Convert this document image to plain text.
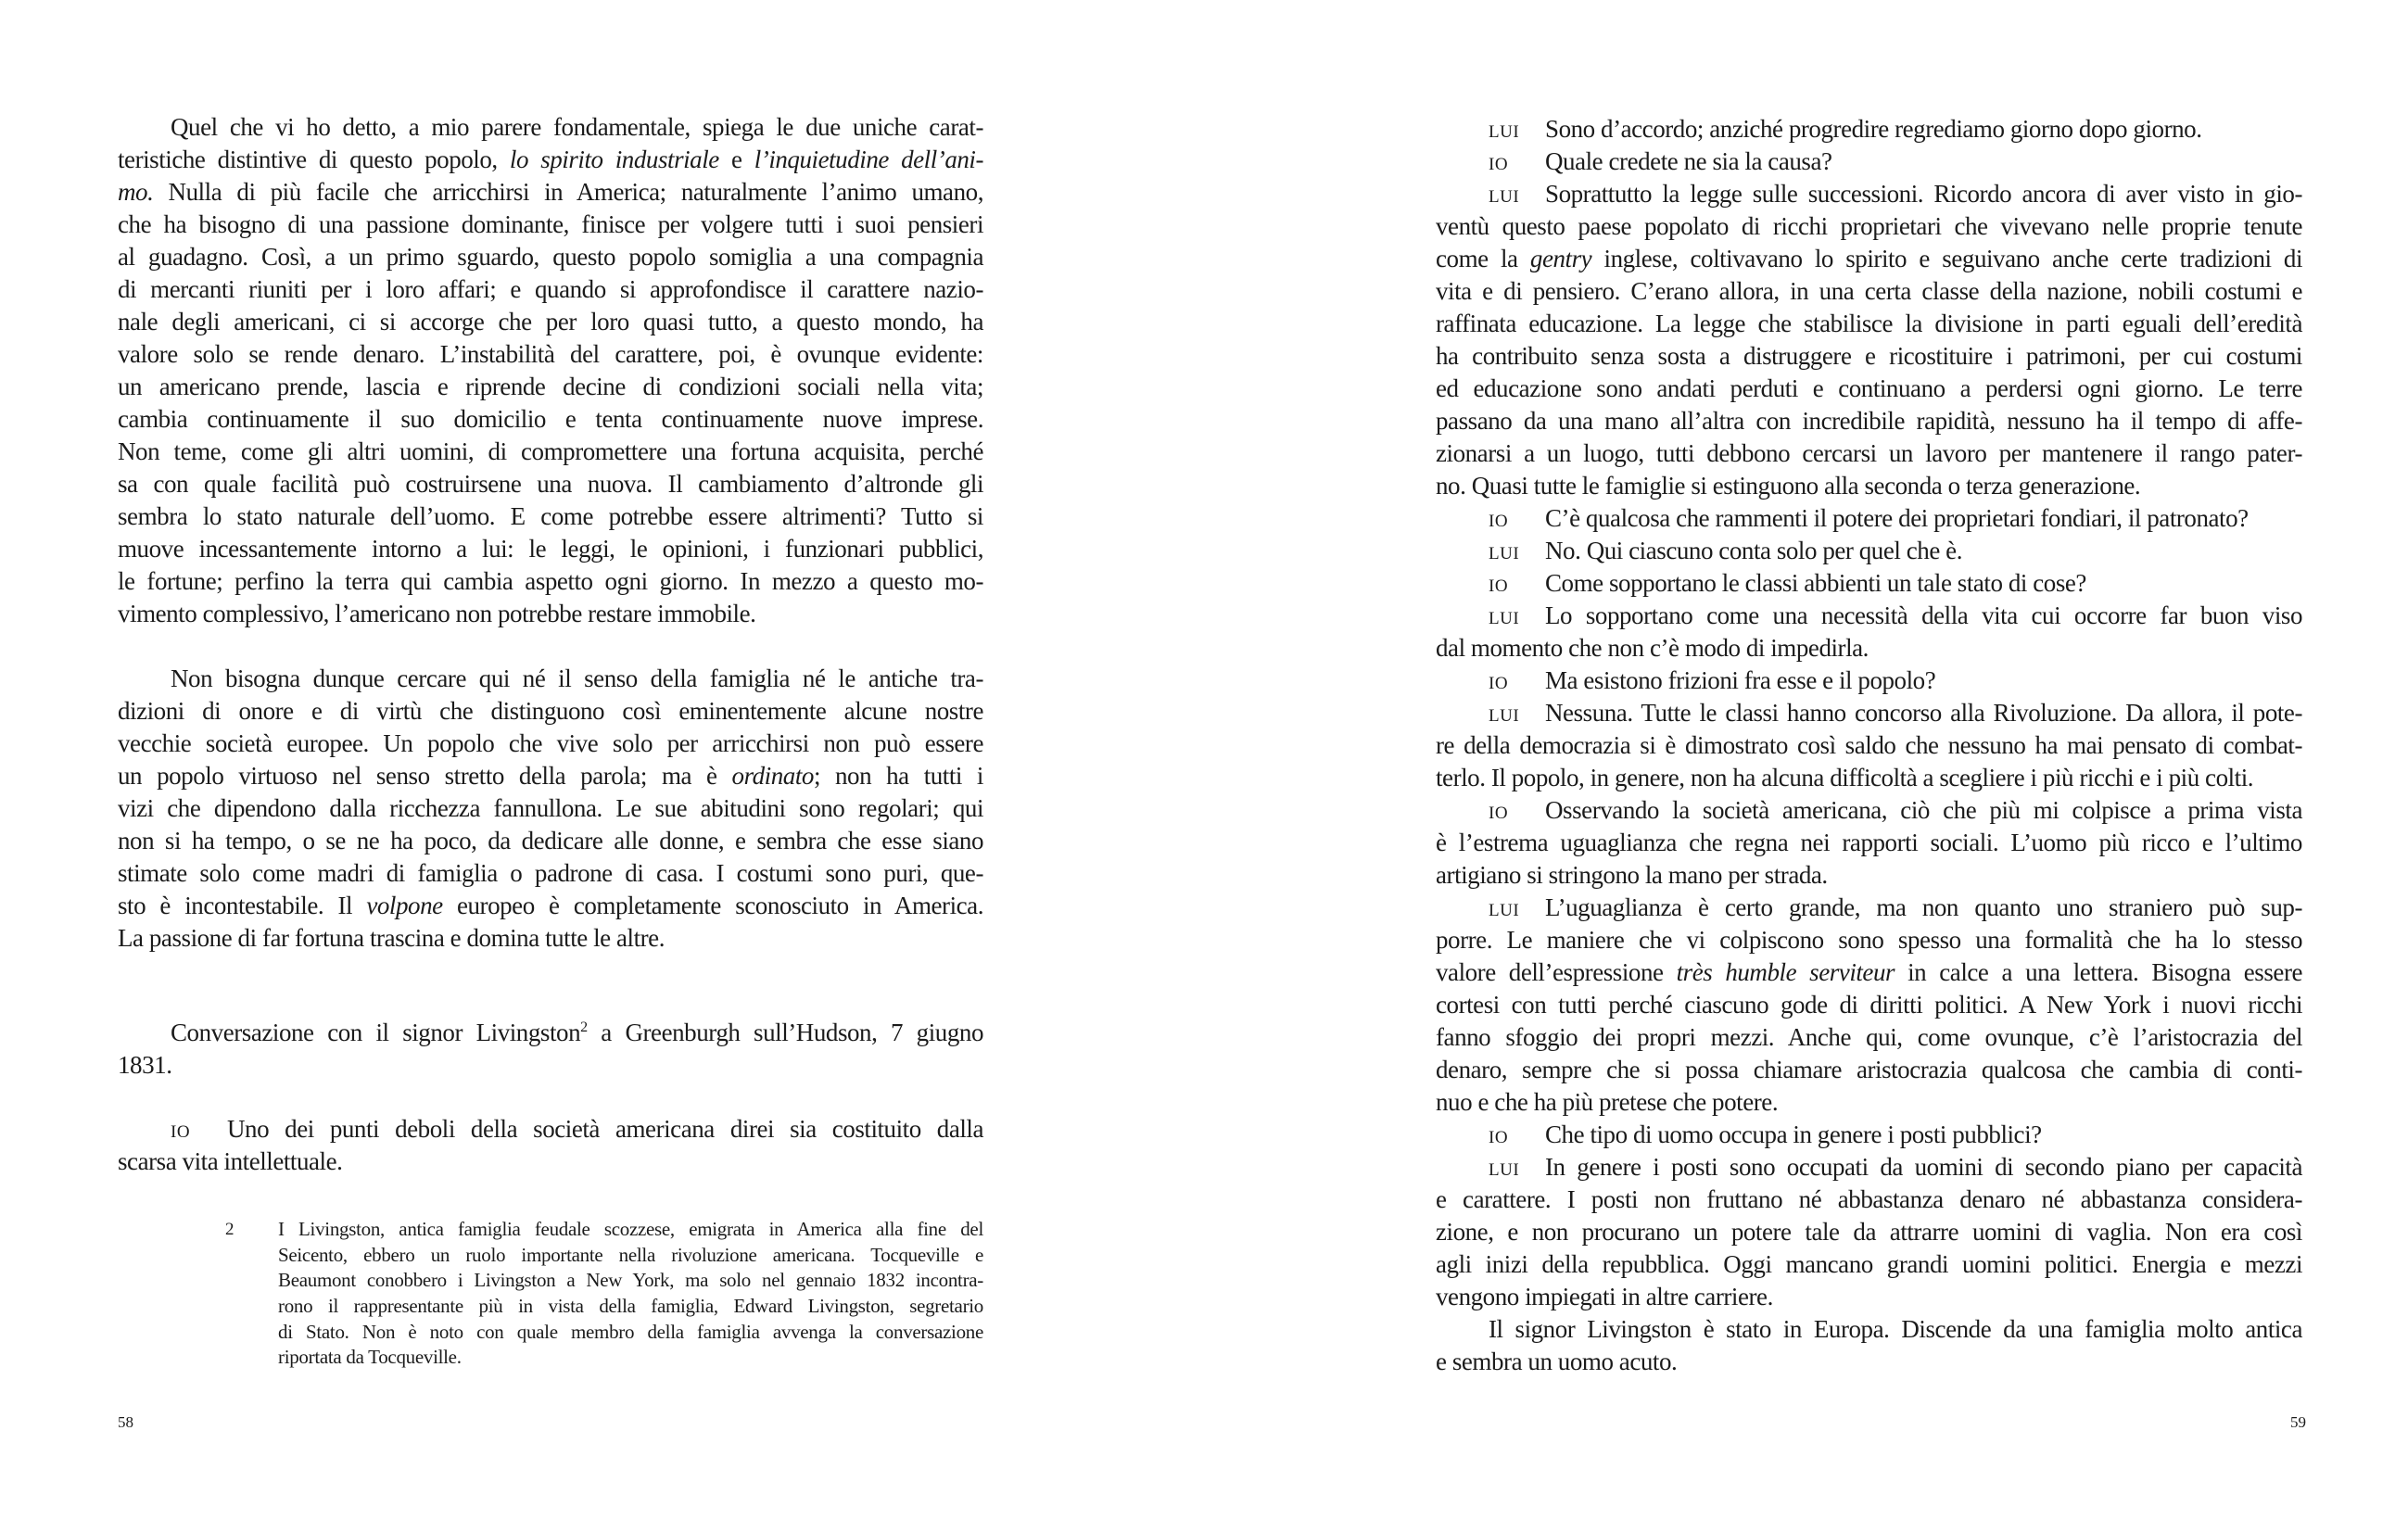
Quel che vi ho detto, a mio parere fondamentale, spiega le due uniche carat-
teristiche distintive di questo popolo, lo spirito industriale e l’inquietudine dell’ani-
mo. Nulla di più facile che arricchirsi in America; naturalmente l’animo umano,
che ha bisogno di una passione dominante, finisce per volgere tutti i suoi pensieri
al guadagno. Così, a un primo sguardo, questo popolo somiglia a una compagnia
di mercanti riuniti per i loro affari; e quando si approfondisce il carattere nazio-
nale degli americani, ci si accorge che per loro quasi tutto, a questo mondo, ha
valore solo se rende denaro. L’instabilità del carattere, poi, è ovunque evidente:
un americano prende, lascia e riprende decine di condizioni sociali nella vita;
cambia continuamente il suo domicilio e tenta continuamente nuove imprese.
Non teme, come gli altri uomini, di compromettere una fortuna acquisita, perché
sa con quale facilità può costruirsene una nuova. Il cambiamento d’altronde gli
sembra lo stato naturale dell’uomo. E come potrebbe essere altrimenti? Tutto si
muove incessantemente intorno a lui: le leggi, le opinioni, i funzionari pubblici,
le fortune; perfino la terra qui cambia aspetto ogni giorno. In mezzo a questo mo-
vimento complessivo, l’americano non potrebbe restare immobile.
Non bisogna dunque cercare qui né il senso della famiglia né le antiche tra-
dizioni di onore e di virtù che distinguono così eminentemente alcune nostre
vecchie società europee. Un popolo che vive solo per arricchirsi non può essere
un popolo virtuoso nel senso stretto della parola; ma è ordinato; non ha tutti i
vizi che dipendono dalla ricchezza fannullona. Le sue abitudini sono regolari; qui
non si ha tempo, o se ne ha poco, da dedicare alle donne, e sembra che esse siano
stimate solo come madri di famiglia o padrone di casa. I costumi sono puri, que-
sto è incontestabile. Il volpone europeo è completamente sconosciuto in America.
La passione di far fortuna trascina e domina tutte le altre.
Conversazione con il signor Livingston$^2$ a Greenburgh sull’Hudson, 7 giugno
1831.
IO Uno dei punti deboli della società americana direi sia costituito dalla
scarsa vita intellettuale.
2 I Livingston, antica famiglia feudale scozzese, emigrata in America alla fine del
Seicento, ebbero un ruolo importante nella rivoluzione americana. Tocqueville e
Beaumont conobbero i Livingston a New York, ma solo nel gennaio 1832 incontra-
rono il rappresentante più in vista della famiglia, Edward Livingston, segretario
di Stato. Non è noto con quale membro della famiglia avvenga la conversazione
riportata da Tocqueville.
58
LUI Sono d’accordo; anziché progredire regrediamo giorno dopo giorno.
IO Quale credete ne sia la causa?
LUI Soprattutto la legge sulle successioni. Ricordo ancora di aver visto in gio-
ventù questo paese popolato di ricchi proprietari che vivevano nelle proprie tenute
come la gentry inglese, coltivavano lo spirito e seguivano anche certe tradizioni di
vita e di pensiero. C’erano allora, in una certa classe della nazione, nobili costumi e
raffinata educazione. La legge che stabilisce la divisione in parti eguali dell’eredità
ha contribuito senza sosta a distruggere e ricostituire i patrimoni, per cui costumi
ed educazione sono andati perduti e continuano a perdersi ogni giorno. Le terre
passano da una mano all’altra con incredibile rapidità, nessuno ha il tempo di affe-
zionarsi a un luogo, tutti debbono cercarsi un lavoro per mantenere il rango pater-
no. Quasi tutte le famiglie si estinguono alla seconda o terza generazione.
IO C’è qualcosa che rammenti il potere dei proprietari fondiari, il patronato?
LUI No. Qui ciascuno conta solo per quel che è.
IO Come sopportano le classi abbienti un tale stato di cose?
LUI Lo sopportano come una necessità della vita cui occorre far buon viso
dal momento che non c’è modo di impedirla.
IO Ma esistono frizioni fra esse e il popolo?
LUI Nessuna. Tutte le classi hanno concorso alla Rivoluzione. Da allora, il pote-
re della democrazia si è dimostrato così saldo che nessuno ha mai pensato di combat-
terlo. Il popolo, in genere, non ha alcuna difficoltà a scegliere i più ricchi e i più colti.
IO Osservando la società americana, ciò che più mi colpisce a prima vista
è l’estrema uguaglianza che regna nei rapporti sociali. L’uomo più ricco e l’ultimo
artigiano si stringono la mano per strada.
LUI L’uguaglianza è certo grande, ma non quanto uno straniero può sup-
porre. Le maniere che vi colpiscono sono spesso una formalità che ha lo stesso
valore dell’espressione très humble serviteur in calce a una lettera. Bisogna essere
cortesi con tutti perché ciascuno gode di diritti politici. A New York i nuovi ricchi
fanno sfoggio dei propri mezzi. Anche qui, come ovunque, c’è l’aristocrazia del
denaro, sempre che si possa chiamare aristocrazia qualcosa che cambia di conti-
nuo e che ha più pretese che potere.
IO Che tipo di uomo occupa in genere i posti pubblici?
LUI In genere i posti sono occupati da uomini di secondo piano per capacità
e carattere. I posti non fruttano né abbastanza denaro né abbastanza considera-
zione, e non procurano un potere tale da attrarre uomini di vaglia. Non era così
agli inizi della repubblica. Oggi mancano grandi uomini politici. Energia e mezzi
vengono impiegati in altre carriere.
Il signor Livingston è stato in Europa. Discende da una famiglia molto antica
e sembra un uomo acuto.
59
